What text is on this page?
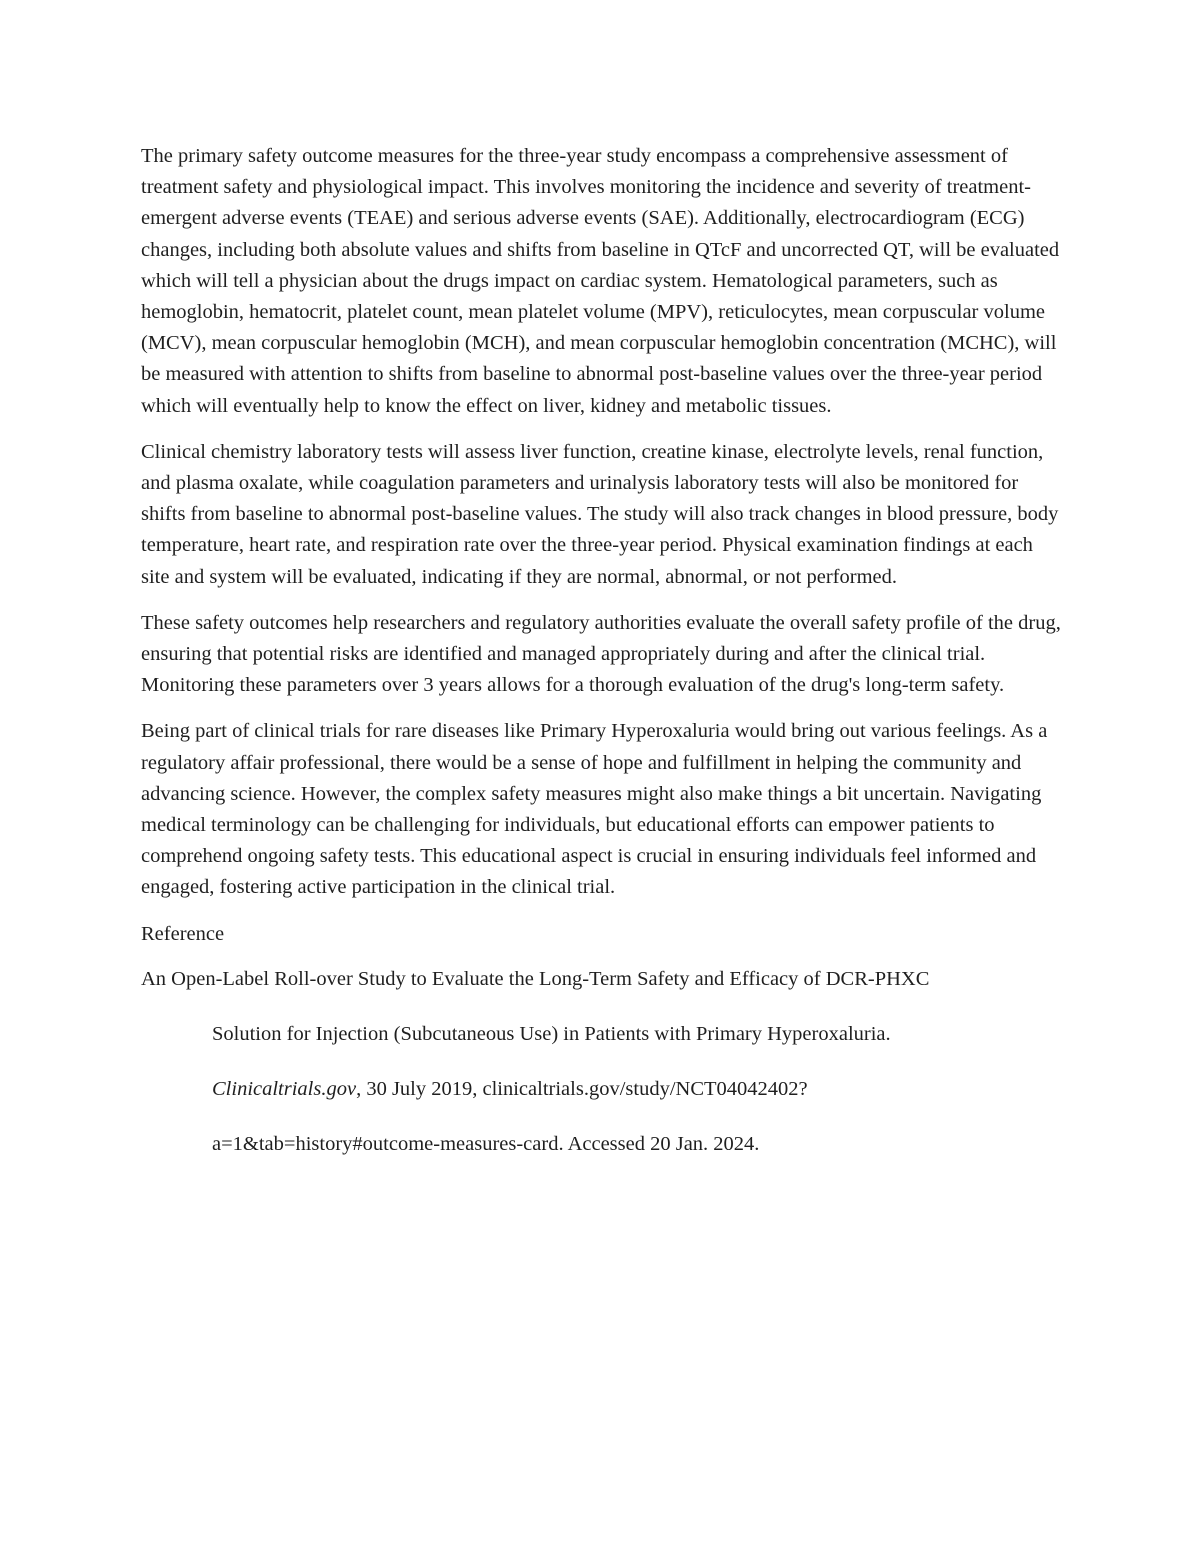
The primary safety outcome measures for the three-year study encompass a comprehensive assessment of treatment safety and physiological impact. This involves monitoring the incidence and severity of treatment-emergent adverse events (TEAE) and serious adverse events (SAE). Additionally, electrocardiogram (ECG) changes, including both absolute values and shifts from baseline in QTcF and uncorrected QT, will be evaluated which will tell a physician about the drugs impact on cardiac system. Hematological parameters, such as hemoglobin, hematocrit, platelet count, mean platelet volume (MPV), reticulocytes, mean corpuscular volume (MCV), mean corpuscular hemoglobin (MCH), and mean corpuscular hemoglobin concentration (MCHC), will be measured with attention to shifts from baseline to abnormal post-baseline values over the three-year period which will eventually help to know the effect on liver, kidney and metabolic tissues.

Clinical chemistry laboratory tests will assess liver function, creatine kinase, electrolyte levels, renal function, and plasma oxalate, while coagulation parameters and urinalysis laboratory tests will also be monitored for shifts from baseline to abnormal post-baseline values. The study will also track changes in blood pressure, body temperature, heart rate, and respiration rate over the three-year period. Physical examination findings at each site and system will be evaluated, indicating if they are normal, abnormal, or not performed.

These safety outcomes help researchers and regulatory authorities evaluate the overall safety profile of the drug, ensuring that potential risks are identified and managed appropriately during and after the clinical trial. Monitoring these parameters over 3 years allows for a thorough evaluation of the drug's long-term safety.

Being part of clinical trials for rare diseases like Primary Hyperoxaluria would bring out various feelings. As a regulatory affair professional, there would be a sense of hope and fulfillment in helping the community and advancing science. However, the complex safety measures might also make things a bit uncertain. Navigating medical terminology can be challenging for individuals, but educational efforts can empower patients to comprehend ongoing safety tests. This educational aspect is crucial in ensuring individuals feel informed and engaged, fostering active participation in the clinical trial.

Reference
An Open-Label Roll-over Study to Evaluate the Long-Term Safety and Efficacy of DCR-PHXC
Solution for Injection (Subcutaneous Use) in Patients with Primary Hyperoxaluria.
Clinicaltrials.gov, 30 July 2019, clinicaltrials.gov/study/NCT04042402?
a=1&tab=history#outcome-measures-card. Accessed 20 Jan. 2024.
